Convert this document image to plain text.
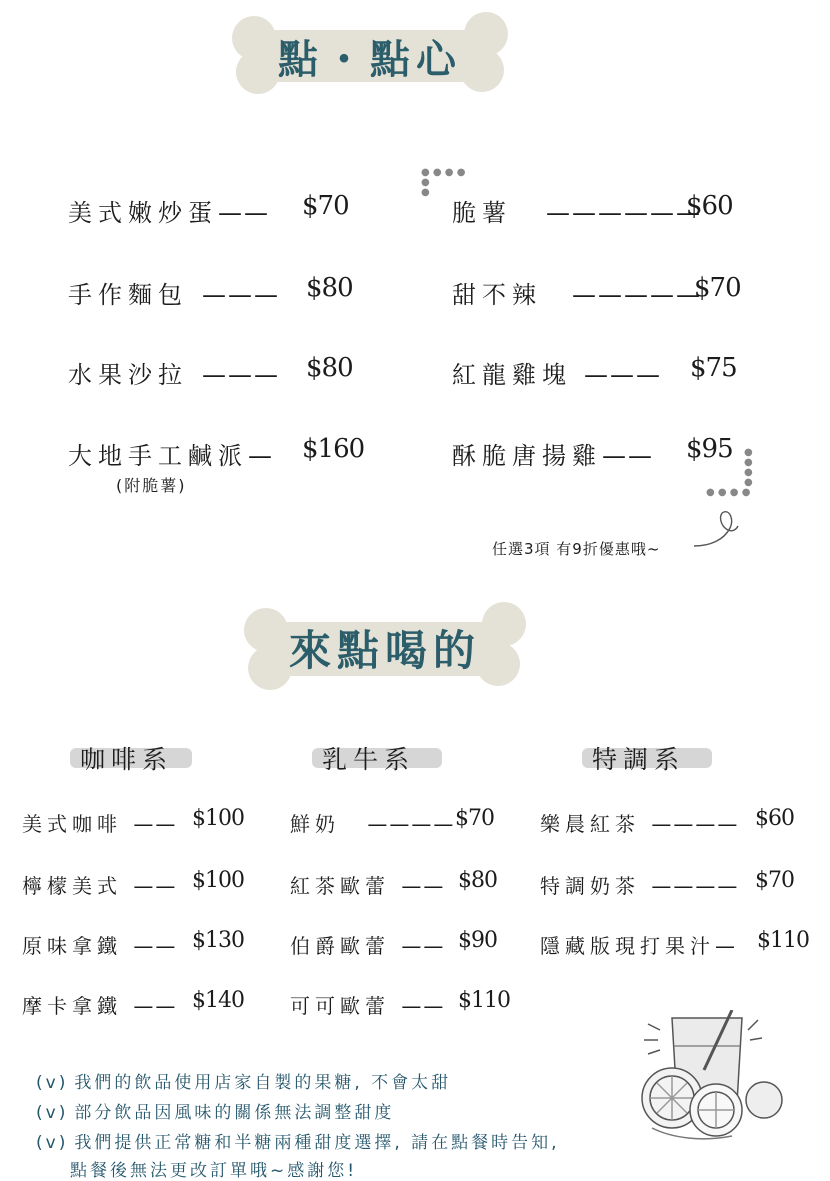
點・點心
● ● ● ●
●
●
●
●
●
●
● ● ● ●
美式嫩炒蛋—— $70
手作麵包 ——— $80
水果沙拉 ——— $80
大地手工鹹派— $160
(附脆薯)
脆薯 ——————
$60
甜不辣 —————
$70
紅龍雞塊 ——— $75
酥脆唐揚雞—— $95
任選3項 有9折優惠哦~
來點喝的
咖啡系	乳牛系	特調系
美式咖啡 —— $100
檸檬美式 —— $100
原味拿鐵 —— $130
摩卡拿鐵 —— $140
鮮奶 ———— $70
紅茶歐蕾 —— $80
伯爵歐蕾 —— $90
可可歐蕾 —— $110
樂晨紅茶 ———— $60
特調奶茶 ———— $70
隱藏版現打果汁— $110
(v) 我們的飲品使用店家自製的果糖, 不會太甜
(v) 部分飲品因風味的關係無法調整甜度
(v) 我們提供正常糖和半糖兩種甜度選擇, 請在點餐時告知,
點餐後無法更改訂單哦~感謝您!
